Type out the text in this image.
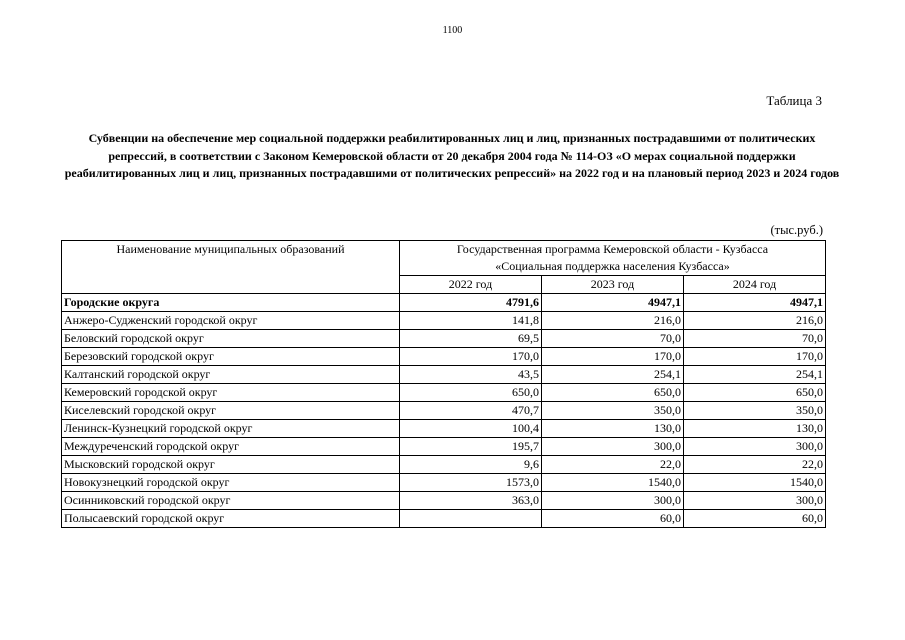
1100
Таблица 3
Субвенции на обеспечение мер социальной поддержки реабилитированных лиц и лиц, признанных пострадавшими от политических репрессий, в соответствии с Законом Кемеровской области от 20 декабря 2004 года № 114-ОЗ «О мерах социальной поддержки реабилитированных лиц и лиц, признанных пострадавшими от политических репрессий» на 2022 год и на плановый период 2023 и 2024 годов
(тыс.руб.)
Наименование муниципальных образований	Государственная программа Кемеровской области - Кузбасса
«Социальная поддержка населения Кузбасса»		

	2022 год	2023 год	2024 год
Городские округа	4791,6	4947,1	4947,1
Анжеро-Судженский городской округ	141,8	216,0	216,0
Беловский городской округ	69,5	70,0	70,0
Березовский городской округ	170,0	170,0	170,0
Калтанский городской округ	43,5	254,1	254,1
Кемеровский городской округ	650,0	650,0	650,0
Киселевский городской округ	470,7	350,0	350,0
Ленинск-Кузнецкий городской округ	100,4	130,0	130,0
Междуреченский городской округ	195,7	300,0	300,0
Мысковский городской округ	9,6	22,0	22,0
Новокузнецкий городской округ	1573,0	1540,0	1540,0
Осинниковский городской округ	363,0	300,0	300,0
Полысаевский городской округ		60,0	60,0
